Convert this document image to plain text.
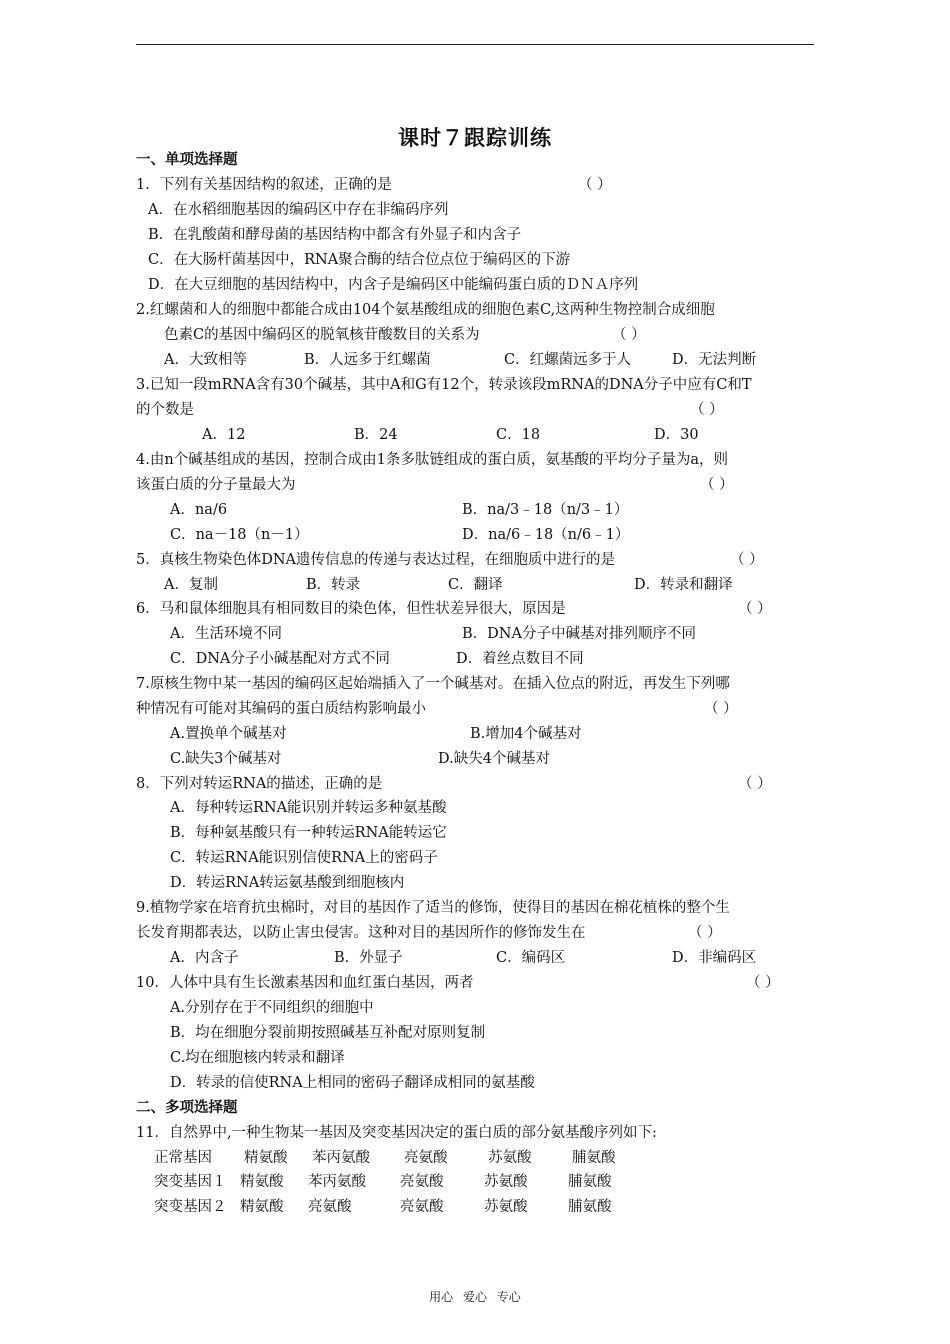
课时７跟踪训练
一、单项选择题
1．下列有关基因结构的叙述，正确的是	（ ）
A．在水稻细胞基因的编码区中存在非编码序列
B．在乳酸菌和酵母菌的基因结构中都含有外显子和内含子
C．在大肠杆菌基因中，RNA聚合酶的结合位点位于编码区的下游
D．在大豆细胞的基因结构中，内含子是编码区中能编码蛋白质的ＤＮＡ序列
2.红螺菌和人的细胞中都能合成由104个氨基酸组成的细胞色素C,这两种生物控制合成细胞
色素C的基因中编码区的脱氧核苷酸数目的关系为	（ ）
A．大致相等	B．人远多于红螺菌	C．红螺菌远多于人	D．无法判断
3.已知一段mRNA含有30个碱基，其中A和G有12个，转录该段mRNA的DNA分子中应有C和T
的个数是	（ ）
A．12	B．24	C．18	D．30
4.由n个碱基组成的基因，控制合成由1条多肽链组成的蛋白质，氨基酸的平均分子量为a，则
该蛋白质的分子量最大为	（ ）
A．na/6	B．na/3﹣18（n/3﹣1）
C．na－18（n－1）	D．na/6﹣18（n/6﹣1）
5．真核生物染色体DNA遗传信息的传递与表达过程，在细胞质中进行的是	（ ）
A．复制	B．转录	C．翻译	D．转录和翻译
6．马和鼠体细胞具有相同数目的染色体，但性状差异很大，原因是	（ ）
A．生活环境不同	B．DNA分子中碱基对排列顺序不同
C．DNA分子小碱基配对方式不同	D．着丝点数目不同
7.原核生物中某一基因的编码区起始端插入了一个碱基对。在插入位点的附近，再发生下列哪
种情况有可能对其编码的蛋白质结构影响最小	（ ）
A.置换单个碱基对	B.增加4个碱基对
C.缺失3个碱基对	D.缺失4个碱基对
8．下列对转运RNA的描述，正确的是	（ ）
A．每种转运RNA能识别并转运多种氨基酸
B．每种氨基酸只有一种转运RNA能转运它
C．转运RNA能识别信使RNA上的密码子
D．转运RNA转运氨基酸到细胞核内
9.植物学家在培育抗虫棉时，对目的基因作了适当的修饰，使得目的基因在棉花植株的整个生
长发育期都表达，以防止害虫侵害。这种对目的基因所作的修饰发生在	（ ）
A．内含子	B．外显子	C．编码区	D．非编码区
10．人体中具有生长激素基因和血红蛋白基因，两者	（ ）
A.分别存在于不同组织的细胞中
B．均在细胞分裂前期按照碱基互补配对原则复制
C.均在细胞核内转录和翻译
D．转录的信使RNA上相同的密码子翻译成相同的氨基酸
二、多项选择题
11．自然界中,一种生物某一基因及突变基因决定的蛋白质的部分氨基酸序列如下:
正常基因 精氨酸 苯丙氨酸 亮氨酸	苏氨酸	脯氨酸
突变基因１ 精氨酸 苯丙氨酸 亮氨酸	苏氨酸	脯氨酸
突变基因２ 精氨酸 亮氨酸	亮氨酸	苏氨酸	脯氨酸
用心 爱心 专心
